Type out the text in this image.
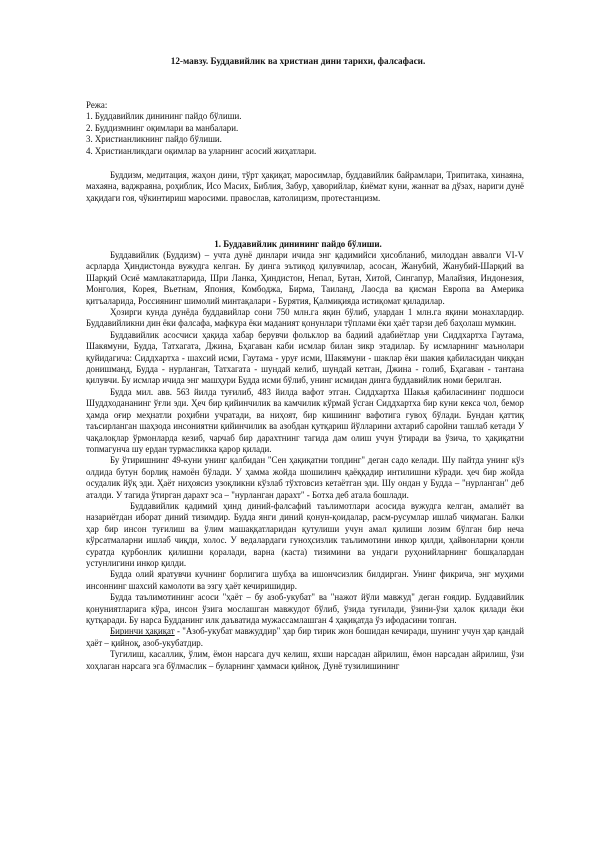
12-мавзу. Буддавийлик ва христиан дини тарихи, фалсафаси.
Режа:
1. Буддавийлик динининг пайдо бўлиши.
2. Буддизмнинг оқимлари ва манбалари.
3. Христианликнинг пайдо бўлиши.
4. Христианликдаги оқимлар ва уларнинг асосий жиҳатлари.

Буддизм, медитация, жаҳон дини, тўрт ҳақиқат, маросимлар, буддавийлик байрамлари, Трипитака, хинаяна, махаяна, ваджраяна, роҳиблик, Исо Масих, Библия, Забур, ҳаворийлар, ќиёмат куни, жаннат ва дўзах, нариги дунё ҳақидаги гоя, чўкинтириш маросими. православ, католицизм, протестанцизм.

1. Буддавийлик динининг пайдо бўлиши.

Буддавийлик (Буддизм) – учта дунё динлари ичида энг қадимийси ҳисобланиб, милоддан аввалги VI-V асрларда Ҳиндистонда вужудга келган. Бу динга эътиқод қилувчилар, асосан, Жанубий, Жанубий-Шарқий ва Шарқий Осиё мамлакатларида, Шри Ланка, Ҳиндистон, Непал, Бутан, Хитой, Сингапур, Малайзия, Индонезия, Монголия, Корея, Вьетнам, Япония, Комбоджа, Бирма, Таиланд, Лаосда ва қисман Европа ва Америка қитъаларида, Россиянинг шимолий минтақалари - Бурятия, Қалмиқияда истиқомат қиладилар.

Ҳозирги кунда дунёда буддавийлар сони 750 млн.га яқин бўлиб, улардан 1 млн.га яқини монахлардир. Буддавийликни дин ёки фалсафа, мафкура ёки маданият қонунлари тўплами ёки ҳаёт тарзи деб баҳолаш мумкин.

Буддавийлик асосчиси ҳақида хабар берувчи фольклор ва бадиий адабиётлар уни Сиддхартха Гаутама, Шакямуни, Будда, Татхагата, Джина, Бҳагаван каби исмлар билан зикр этадилар. Бу исмларнинг маънолари қуйидагича: Сиддхартха - шахсий исми, Гаутама - уруғ исми, Шакямуни - шаклар ёки шакия қабиласидан чиққан донишманд, Будда - нурланган, Татхагата - шундай келиб, шундай кетган, Джина - голиб, Бҳагаван - тантана қилувчи. Бу исмлар ичида энг машҳури Будда исми бўлиб, унинг исмидан динга буддавийлик номи берилган.

Будда мил. авв. 563 йилда туғилиб, 483 йилда вафот этган. Сиддхартха Шакья қабиласининг подшоси Шуддходананинг ўғли эди. Ҳеч бир қийинчилик ва камчилик кўрмай ўсган Сиддхартха бир куни кекса чол, бемор ҳамда оғир меҳнатли роҳибни учратади, ва ниҳоят, бир кишининг вафотига гувоҳ бўлади. Бундан қаттиқ таъсирланган шаҳзода инсониятни қийинчилик ва азобдан қутқариш йўлларини ахтариб саройни ташлаб кетади У чақалоқлар ўрмонларда кезиб, чарчаб бир дарахтнинг тагида дам олиш учун ўтиради ва ўзича, то ҳақиқатни топмагунча шу ердан турмасликка қарор қилади.

Бу ўтиришнинг 49-куни унинг қалбидан "Сен ҳақиқатни топдинг" деган садо келади. Шу пайтда унинг кўз олдида бутун борлиқ намоён бўлади. У ҳамма жойда шошилинч қаёққадир интилишни кўради. ҳеч бир жойда осудалик йўқ эди. Ҳаёт ниҳоясиз узоқликни кўзлаб тўхтовсиз кетаётган эди. Шу ондан у Будда – "нурланган" деб аталди. У тагида ўтирган дарахт эса – "нурланган дарахт" - Ботха деб атала бошлади.

Буддавийлик қадимий ҳинд диний-фалсафий таълимотлари асосида вужудга келган, амалиёт ва назариётдан иборат диний тизимдир. Будда янги диний қонун-қоидалар, расм-русумлар ишлаб чиқмаган. Балки ҳар бир инсон туғилиш ва ўлим машаққатларидан қутулиши учун амал қилиши лозим бўлган бир неча кўрсатмаларни ишлаб чиқди, холос. У ведалардаги гуноҳсизлик таълимотини инкор қилди, ҳайвонларни қонли суратда қурбонлик қилишни қоралади, варна (каста) тизимини ва ундаги руҳонийларнинг бошқалардан устунлигини инкор қилди.

Будда олий яратувчи кучнинг борлигига шубҳа ва ишончсизлик билдирган. Унинг фикрича, энг муҳими инсоннинг шахсий камолоти ва эзгу ҳаёт кечиришидир.

Будда таълимотининг асоси "ҳаёт – бу азоб-укубат" ва "нажот йўли мавжуд" деган ғоядир. Буддавийлик қонуниятларига кўра, инсон ўзига мослашган мавжудот бўлиб, ўзида туғилади, ўзини-ўзи ҳалок қилади ёки қутқаради. Бу нарса Будданинг илк даъватида мужассамлашган 4 ҳақиқатда ўз ифодасини топган.

Биринчи ҳақиқат - "Азоб-укубат мавжуддир" ҳар бир тирик жон бошидан кечиради, шунинг учун ҳар қандай ҳаёт – қийноқ, азоб-укубатдир.

Тугилиш, касаллик, ўлим, ёмон нарсага дуч келиш, яхши нарсадан айрилиш, ёмон нарсадан айрилиш, ўзи хоҳлаган нарсага эга бўлмаслик – буларнинг ҳаммаси қийноқ. Дунё тузилишининг
